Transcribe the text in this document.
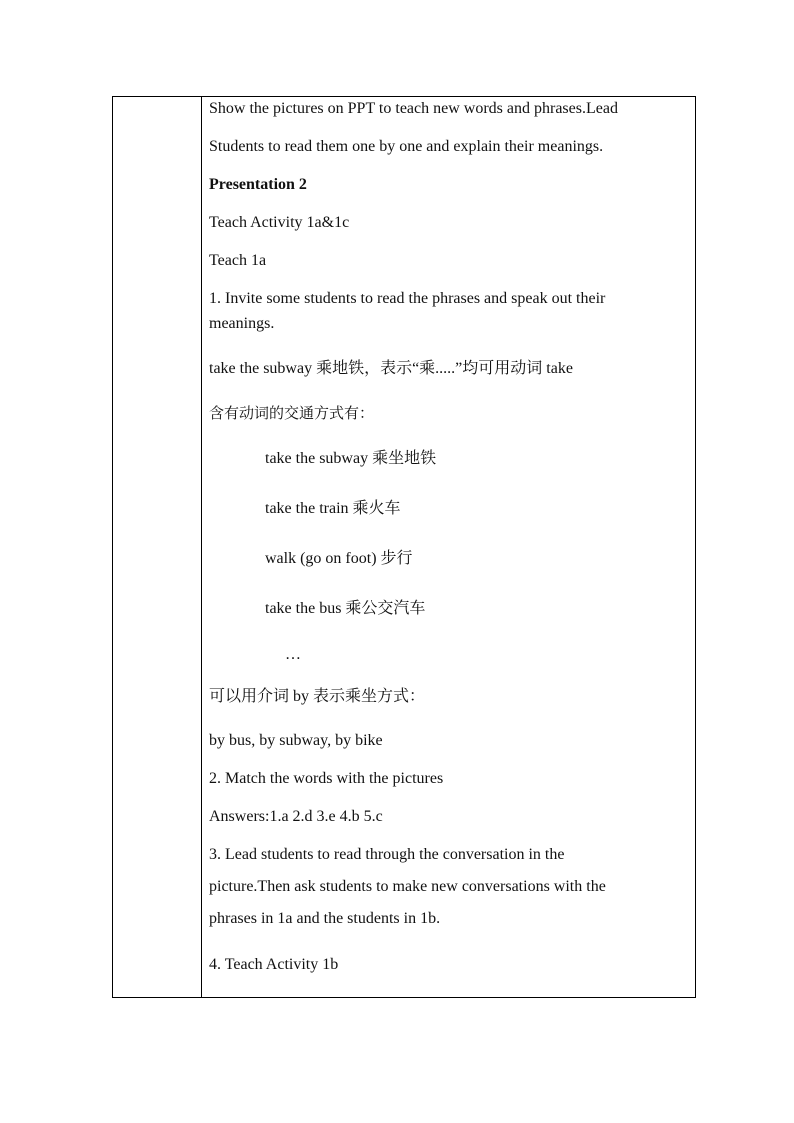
Show the pictures on PPT to teach new words and phrases.Lead
Students to read them one by one and explain their meanings.
Presentation 2
Teach Activity 1a&1c
Teach 1a
1. Invite some students to read the phrases and speak out their
meanings.
take the subway 乘地铁，表示“乘.....”均可用动词 take
含有动词的交通方式有：
take the subway 乘坐地铁
take the train 乘火车
walk (go on foot) 步行
take the bus 乘公交汽车
…
可以用介词 by 表示乘坐方式：
by bus, by subway, by bike
2. Match the words with the pictures
Answers:1.a 2.d 3.e 4.b 5.c
3. Lead students to read through the conversation in the
picture.Then ask students to make new conversations with the
phrases in 1a and the students in 1b.
4. Teach Activity 1b
